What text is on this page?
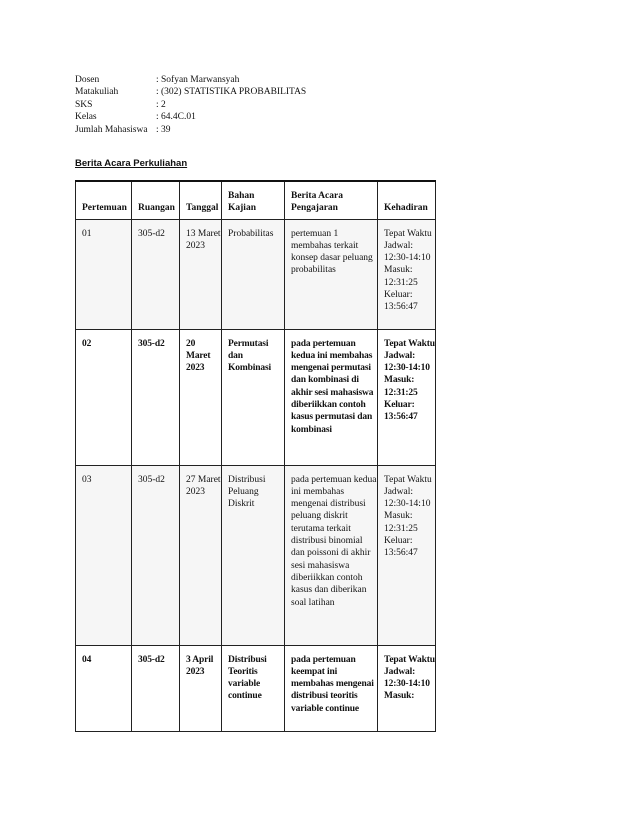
Dosen	: Sofyan Marwansyah
Matakuliah	: (302) STATISTIKA PROBABILITAS
SKS	: 2
Kelas	: 64.4C.01
Jumlah Mahasiswa : 39
Berita Acara Perkuliahan
Pertemuan	Ruangan	Tanggal	Bahan Kajian	Berita Acara Pengajaran	Kehadiran
01	305-d2	13 Maret 2023	Probabilitas	pertemuan 1 membahas terkait konsep dasar peluang probabilitas	Tepat Waktu Jadwal: 12:30-14:10 Masuk: 12:31:25 Keluar: 13:56:47
02	305-d2	20 Maret 2023	Permutasi dan Kombinasi	pada pertemuan kedua ini membahas mengenai permutasi dan kombinasi di akhir sesi mahasiswa diberiikkan contoh kasus permutasi dan kombinasi	Tepat Waktu Jadwal: 12:30-14:10 Masuk: 12:31:25 Keluar: 13:56:47
03	305-d2	27 Maret 2023	Distribusi Peluang Diskrit	pada pertemuan kedua ini membahas mengenai distribusi peluang diskrit terutama terkait distribusi binomial dan poissoni di akhir sesi mahasiswa diberiikkan contoh kasus dan diberikan soal latihan	Tepat Waktu Jadwal: 12:30-14:10 Masuk: 12:31:25 Keluar: 13:56:47
04	305-d2	3 April 2023	Distribusi Teoritis variable continue	pada pertemuan keempat ini membahas mengenai distribusi teoritis variable continue	Tepat Waktu Jadwal: 12:30-14:10 Masuk:
